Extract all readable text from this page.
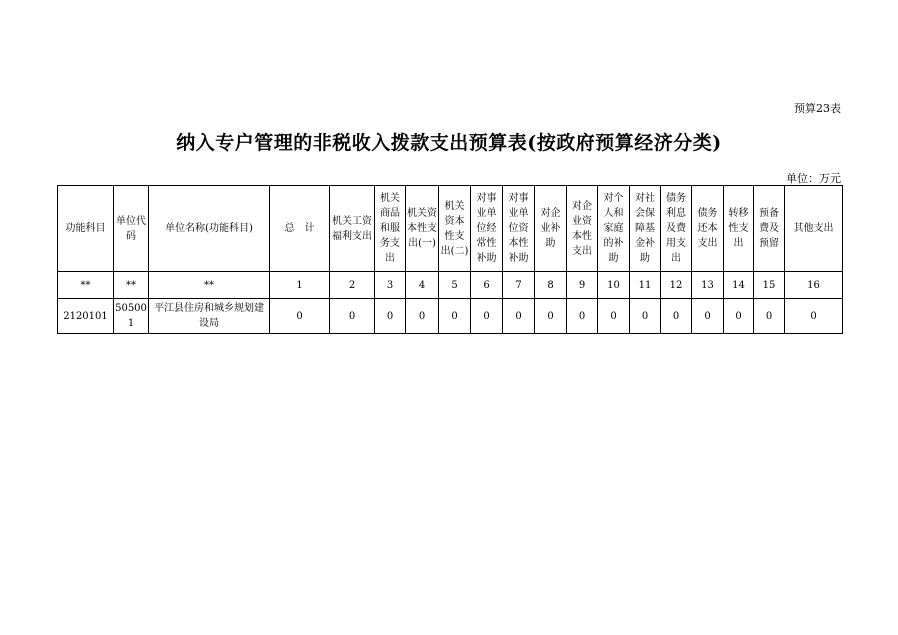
预算23表
纳入专户管理的非税收入拨款支出预算表(按政府预算经济分类)
单位：万元
功能科目	单位代码	单位名称(功能科目)	总　计	机关工资福利支出	机关商品和服务支出	机关资本性支出(一)	机关资本性支出(二)	对事业单位经常性补助	对事业单位资本性补助	对企业补助	对企业资本性支出	对个人和家庭的补助	对社会保障基金补助	债务利息及费用支出	债务还本支出	转移性支出	预备费及预留	其他支出
**	**	**	1	2	3	4	5	6	7	8	9	10	11	12	13	14	15	16
2120101	505001	平江县住房和城乡规划建设局	0	0	0	0	0	0	0	0	0	0	0	0	0	0	0	0
